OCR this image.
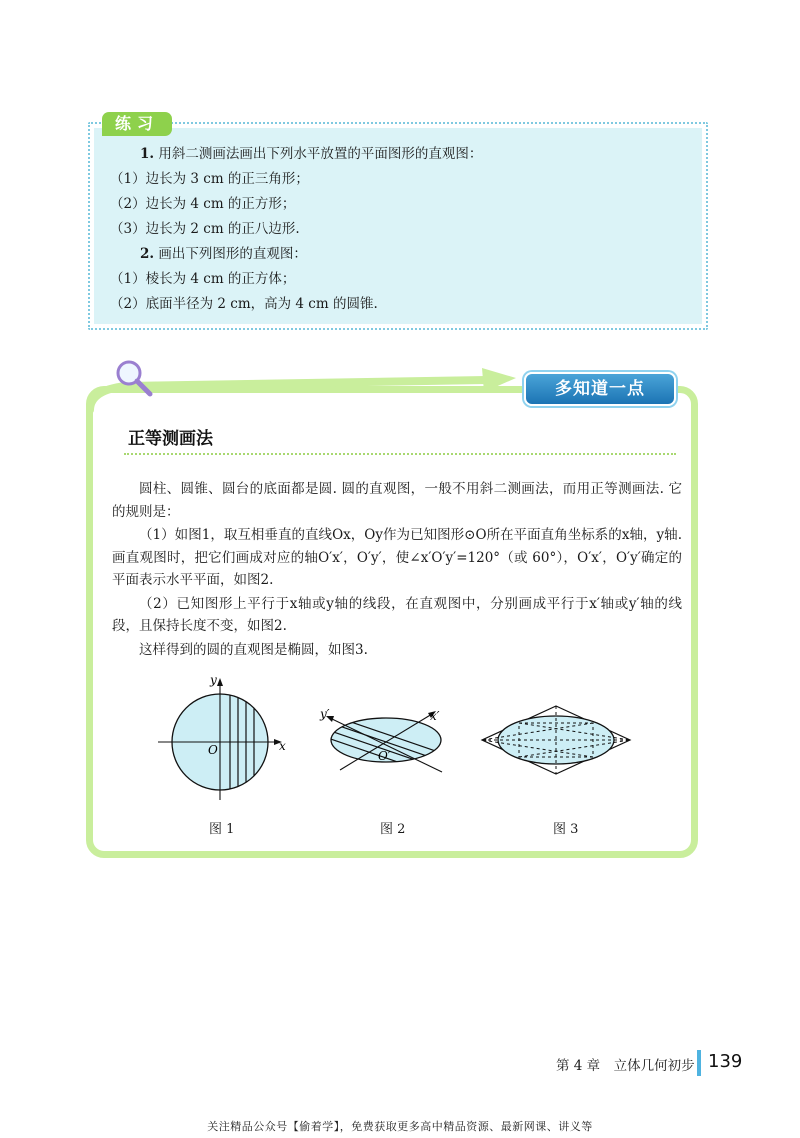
练习
1. 用斜二测画法画出下列水平放置的平面图形的直观图：
（1）边长为 3 cm 的正三角形；
（2）边长为 4 cm 的正方形；
（3）边长为 2 cm 的正八边形.
2. 画出下列图形的直观图：
（1）棱长为 4 cm 的正方体；
（2）底面半径为 2 cm，高为 4 cm 的圆锥.
多知道一点
正等测画法

圆柱、圆锥、圆台的底面都是圆. 圆的直观图，一般不用斜二测画法，而用正等测画法. 它的规则是：

（1）如图1，取互相垂直的直线Ox，Oy作为已知图形⊙O所在平面直角坐标系的x轴，y轴. 画直观图时，把它们画成对应的轴O′x′，O′y′，使∠x′O′y′=120°（或 60°），O′x′，O′y′确定的平面表示水平平面，如图2.

（2）已知图形上平行于x轴或y轴的线段，在直观图中，分别画成平行于x′轴或y′轴的线段，且保持长度不变，如图2.

这样得到的圆的直观图是椭圆，如图3.

x
y
O
图 1
x′
y′
O′
图 2	图 3
第 4 章　立体几何初步 139
关注精品公众号【偷着学】，免费获取更多高中精品资源、最新网课、讲义等
